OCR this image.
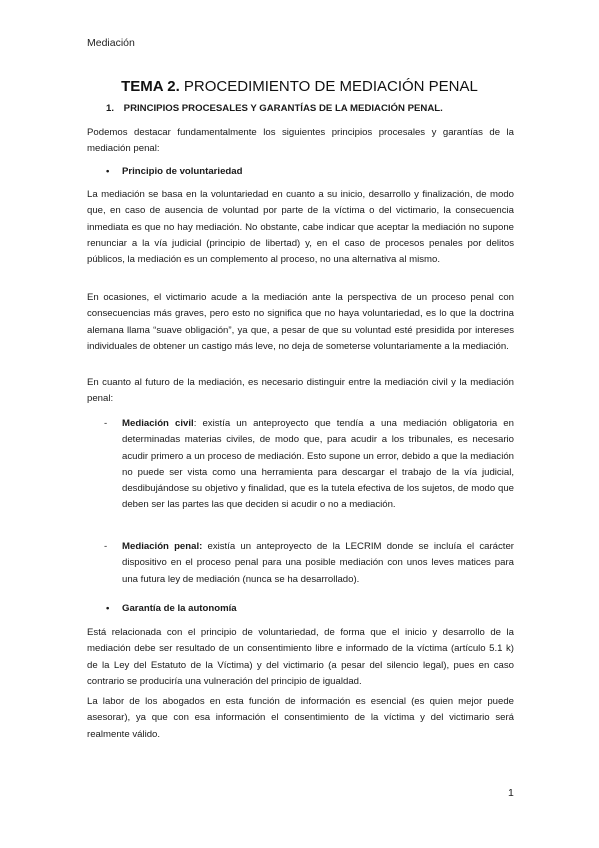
Mediación
TEMA 2. PROCEDIMIENTO DE MEDIACIÓN PENAL
1. PRINCIPIOS PROCESALES Y GARANTÍAS DE LA MEDIACIÓN PENAL.

Podemos destacar fundamentalmente los siguientes principios procesales y garantías de la mediación penal:

• Principio de voluntariedad

La mediación se basa en la voluntariedad en cuanto a su inicio, desarrollo y finalización, de modo que, en caso de ausencia de voluntad por parte de la víctima o del victimario, la consecuencia inmediata es que no hay mediación. No obstante, cabe indicar que aceptar la mediación no supone renunciar a la vía judicial (principio de libertad) y, en el caso de procesos penales por delitos públicos, la mediación es un complemento al proceso, no una alternativa al mismo.

En ocasiones, el victimario acude a la mediación ante la perspectiva de un proceso penal con consecuencias más graves, pero esto no significa que no haya voluntariedad, es lo que la doctrina alemana llama “suave obligación”, ya que, a pesar de que su voluntad esté presidida por intereses individuales de obtener un castigo más leve, no deja de someterse voluntariamente a la mediación.

En cuanto al futuro de la mediación, es necesario distinguir entre la mediación civil y la mediación penal:

- Mediación civil: existía un anteproyecto que tendía a una mediación obligatoria en determinadas materias civiles, de modo que, para acudir a los tribunales, es necesario acudir primero a un proceso de mediación. Esto supone un error, debido a que la mediación no puede ser vista como una herramienta para descargar el trabajo de la vía judicial, desdibujándose su objetivo y finalidad, que es la tutela efectiva de los sujetos, de modo que deben ser las partes las que deciden si acudir o no a mediación.
- Mediación penal: existía un anteproyecto de la LECRIM donde se incluía el carácter dispositivo en el proceso penal para una posible mediación con unos leves matices para una futura ley de mediación (nunca se ha desarrollado).
• Garantía de la autonomía

Está relacionada con el principio de voluntariedad, de forma que el inicio y desarrollo de la mediación debe ser resultado de un consentimiento libre e informado de la víctima (artículo 5.1 k) de la Ley del Estatuto de la Víctima) y del victimario (a pesar del silencio legal), pues en caso contrario se produciría una vulneración del principio de igualdad.

La labor de los abogados en esta función de información es esencial (es quien mejor puede asesorar), ya que con esa información el consentimiento de la víctima y del victimario será realmente válido.

1
